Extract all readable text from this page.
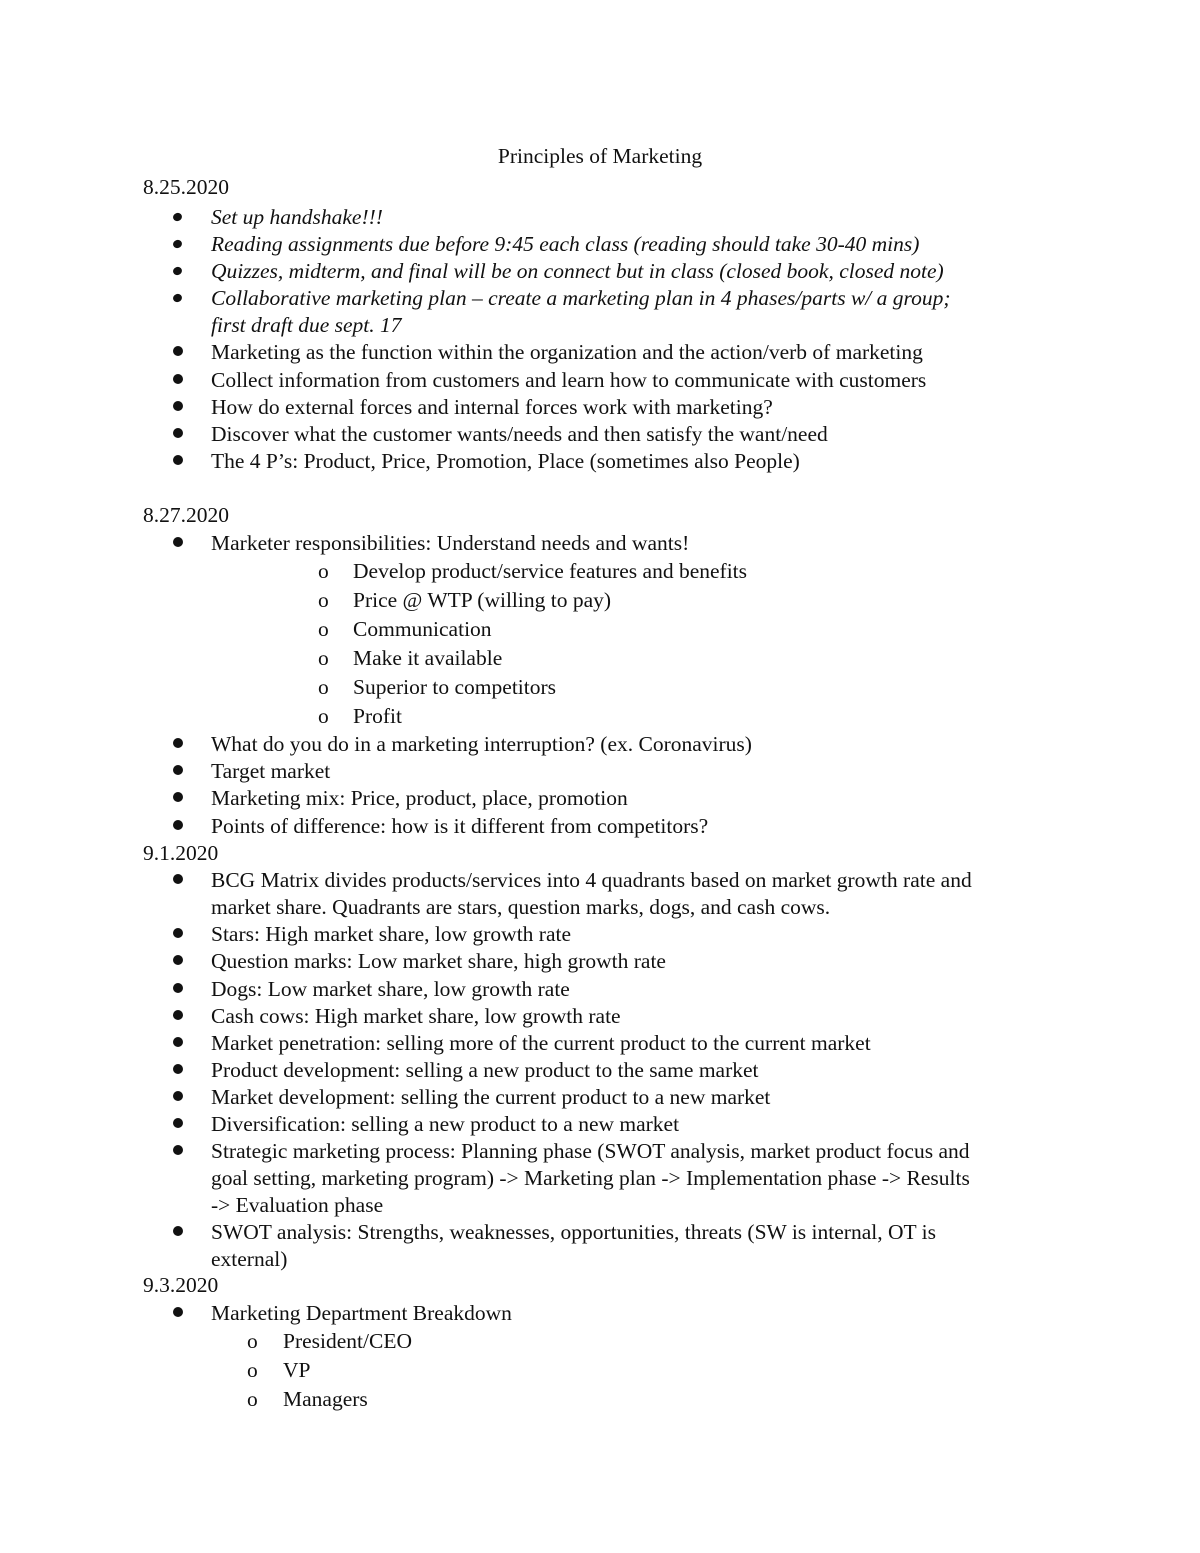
Principles of Marketing
8.25.2020
Set up handshake!!!
Reading assignments due before 9:45 each class (reading should take 30-40 mins)
Quizzes, midterm, and final will be on connect but in class (closed book, closed note)
Collaborative marketing plan – create a marketing plan in 4 phases/parts w/ a group;
first draft due sept. 17
Marketing as the function within the organization and the action/verb of marketing
Collect information from customers and learn how to communicate with customers
How do external forces and internal forces work with marketing?
Discover what the customer wants/needs and then satisfy the want/need
The 4 P’s: Product, Price, Promotion, Place (sometimes also People)
8.27.2020
Marketer responsibilities: Understand needs and wants!
o Develop product/service features and benefits
o Price @ WTP (willing to pay)
o Communication
o Make it available
o Superior to competitors
o Profit
What do you do in a marketing interruption? (ex. Coronavirus)
Target market
Marketing mix: Price, product, place, promotion
Points of difference: how is it different from competitors?
9.1.2020
BCG Matrix divides products/services into 4 quadrants based on market growth rate and
market share. Quadrants are stars, question marks, dogs, and cash cows.
Stars: High market share, low growth rate
Question marks: Low market share, high growth rate
Dogs: Low market share, low growth rate
Cash cows: High market share, low growth rate
Market penetration: selling more of the current product to the current market
Product development: selling a new product to the same market
Market development: selling the current product to a new market
Diversification: selling a new product to a new market
Strategic marketing process: Planning phase (SWOT analysis, market product focus and
goal setting, marketing program) -> Marketing plan -> Implementation phase -> Results
-> Evaluation phase
SWOT analysis: Strengths, weaknesses, opportunities, threats (SW is internal, OT is
external)
9.3.2020
Marketing Department Breakdown
o President/CEO
o VP
o Managers
